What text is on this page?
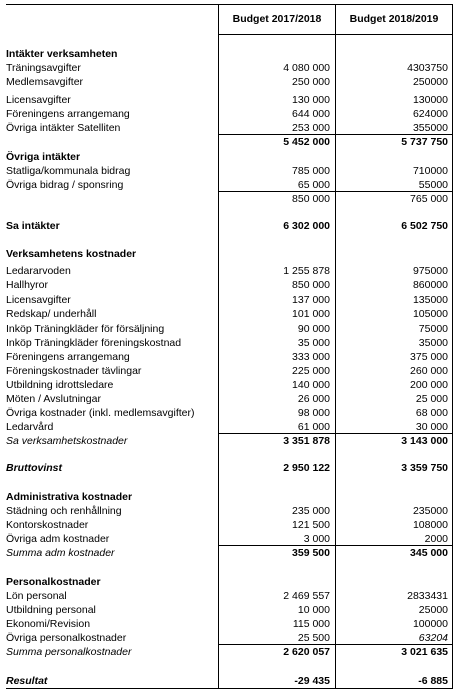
Budget 2017/2018	Budget 2018/2019
Intäkter verksamheten
Träningsavgifter	4 080 000	4303750
Medlemsavgifter	250 000	250000
Licensavgifter	130 000	130000
Föreningens arrangemang	644 000	624000
Övriga intäkter Satelliten	253 000	355000
5 452 000	5 737 750
Övriga intäkter
Statliga/kommunala bidrag	785 000	710000
Övriga bidrag / sponsring	65 000	55000
850 000	765 000
Sa intäkter	6 302 000	6 502 750
Verksamhetens kostnader
Ledararvoden	1 255 878	975000
Hallhyror	850 000	860000
Licensavgifter	137 000	135000
Redskap/ underhåll	101 000	105000
Inköp Träningkläder för försäljning	90 000	75000
Inköp Träningkläder föreningskostnad	35 000	35000
Föreningens arrangemang	333 000	375 000
Föreningskostnader tävlingar	225 000	260 000
Utbildning idrottsledare	140 000	200 000
Möten / Avslutningar	26 000	25 000
Övriga kostnader (inkl. medlemsavgifter)	98 000	68 000
Ledarvård	61 000	30 000
Sa verksamhetskostnader	3 351 878	3 143 000
Bruttovinst	2 950 122	3 359 750
Administrativa kostnader
Städning och renhållning	235 000	235000
Kontorskostnader	121 500	108000
Övriga adm kostnader	3 000	2000
Summa adm kostnader	359 500	345 000
Personalkostnader
Lön personal	2 469 557	2833431
Utbildning personal	10 000	25000
Ekonomi/Revision	115 000	100000
Övriga personalkostnader	25 500	63204
Summa personalkostnader	2 620 057	3 021 635
Resultat	-29 435	-6 885
